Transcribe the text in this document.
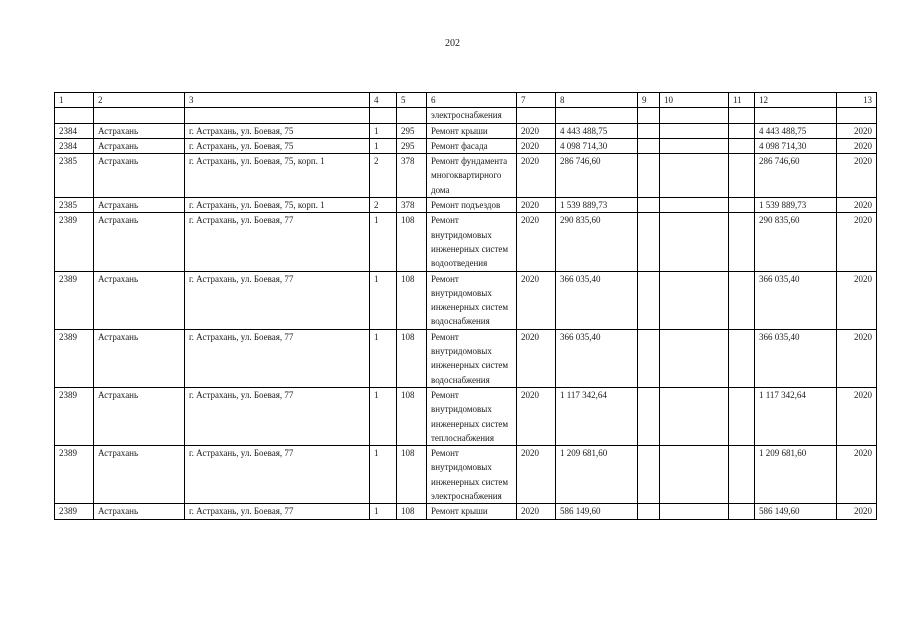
202
1	2	3	4	5	6	7	8	9	10	11	12	13
					электроснабжения							
2384	Астрахань	г. Астрахань, ул. Боевая, 75	1	295	Ремонт крыши	2020	4 443 488,75				4 443 488,75	2020
2384	Астрахань	г. Астрахань, ул. Боевая, 75	1	295	Ремонт фасада	2020	4 098 714,30				4 098 714,30	2020
2385	Астрахань	г. Астрахань, ул. Боевая, 75, корп. 1	2	378	Ремонт фундамента многоквартирного дома	2020	286 746,60				286 746,60	2020
2385	Астрахань	г. Астрахань, ул. Боевая, 75, корп. 1	2	378	Ремонт подъездов	2020	1 539 889,73				1 539 889,73	2020
2389	Астрахань	г. Астрахань, ул. Боевая, 77	1	108	Ремонт внутридомовых инженерных систем водоотведения	2020	290 835,60				290 835,60	2020
2389	Астрахань	г. Астрахань, ул. Боевая, 77	1	108	Ремонт внутридомовых инженерных систем водоснабжения	2020	366 035,40				366 035,40	2020
2389	Астрахань	г. Астрахань, ул. Боевая, 77	1	108	Ремонт внутридомовых инженерных систем водоснабжения	2020	366 035,40				366 035,40	2020
2389	Астрахань	г. Астрахань, ул. Боевая, 77	1	108	Ремонт внутридомовых инженерных систем теплоснабжения	2020	1 117 342,64				1 117 342,64	2020
2389	Астрахань	г. Астрахань, ул. Боевая, 77	1	108	Ремонт внутридомовых инженерных систем электроснабжения	2020	1 209 681,60				1 209 681,60	2020
2389	Астрахань	г. Астрахань, ул. Боевая, 77	1	108	Ремонт крыши	2020	586 149,60				586 149,60	2020
